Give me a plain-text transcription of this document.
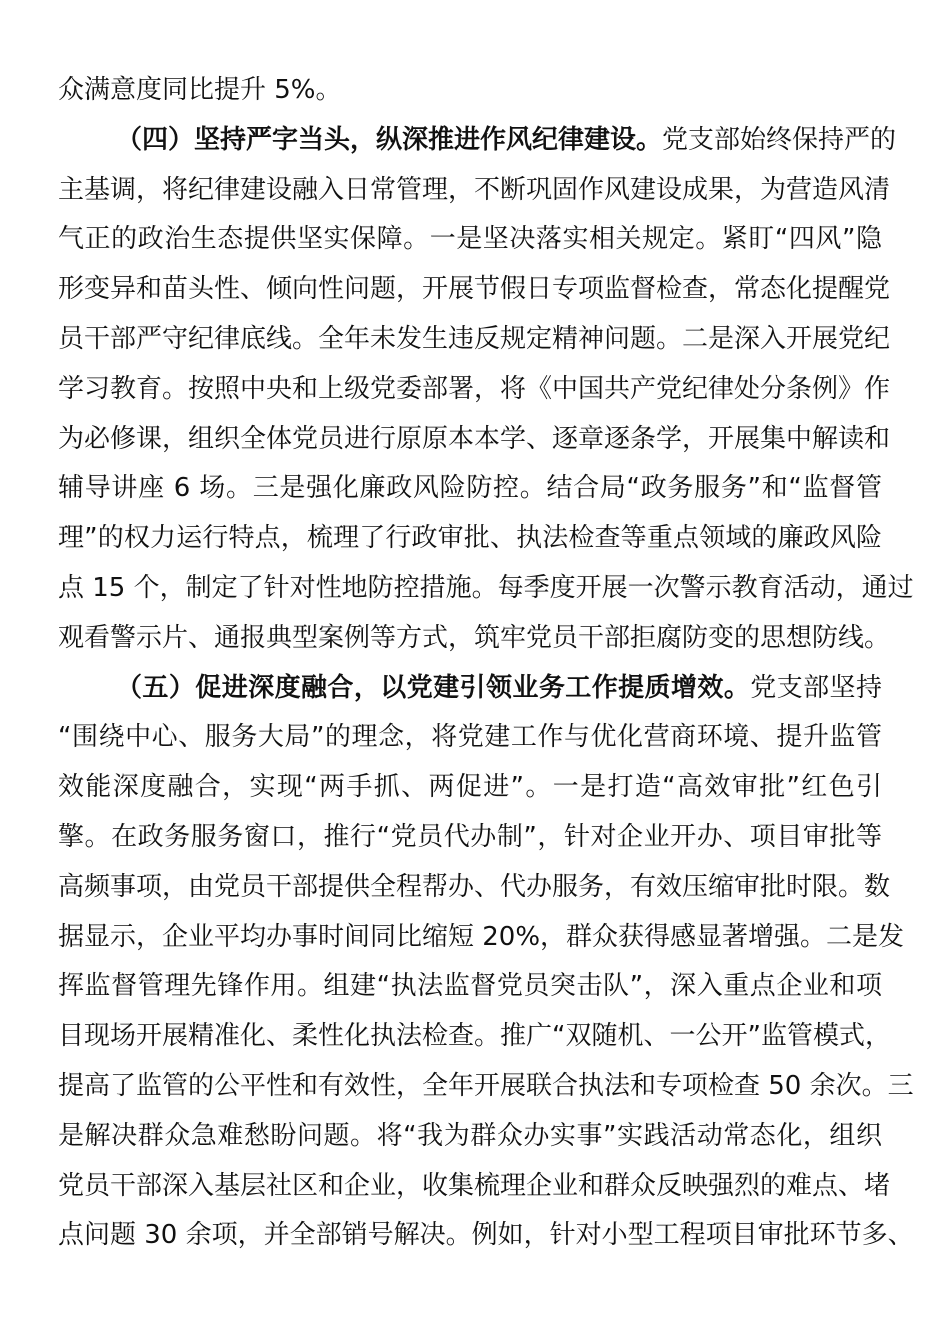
众满意度同比提升 5%。
（四）坚持严字当头，纵深推进作风纪律建设。党支部始终保持严的
主基调，将纪律建设融入日常管理，不断巩固作风建设成果，为营造风清
气正的政治生态提供坚实保障。一是坚决落实相关规定。紧盯“四风”隐
形变异和苗头性、倾向性问题，开展节假日专项监督检查，常态化提醒党
员干部严守纪律底线。全年未发生违反规定精神问题。二是深入开展党纪
学习教育。按照中央和上级党委部署，将《中国共产党纪律处分条例》作
为必修课，组织全体党员进行原原本本学、逐章逐条学，开展集中解读和
辅导讲座 6 场。三是强化廉政风险防控。结合局“政务服务”和“监督管
理”的权力运行特点，梳理了行政审批、执法检查等重点领域的廉政风险
点 15 个，制定了针对性地防控措施。每季度开展一次警示教育活动，通过
观看警示片、通报典型案例等方式，筑牢党员干部拒腐防变的思想防线。
（五）促进深度融合，以党建引领业务工作提质增效。党支部坚持
“围绕中心、服务大局”的理念，将党建工作与优化营商环境、提升监管
效能深度融合，实现“两手抓、两促进”。一是打造“高效审批”红色引
擎。在政务服务窗口，推行“党员代办制”，针对企业开办、项目审批等
高频事项，由党员干部提供全程帮办、代办服务，有效压缩审批时限。数
据显示，企业平均办事时间同比缩短 20%，群众获得感显著增强。二是发
挥监督管理先锋作用。组建“执法监督党员突击队”，深入重点企业和项
目现场开展精准化、柔性化执法检查。推广“双随机、一公开”监管模式，
提高了监管的公平性和有效性，全年开展联合执法和专项检查 50 余次。三
是解决群众急难愁盼问题。将“我为群众办实事”实践活动常态化，组织
党员干部深入基层社区和企业，收集梳理企业和群众反映强烈的难点、堵
点问题 30 余项，并全部销号解决。例如，针对小型工程项目审批环节多、
